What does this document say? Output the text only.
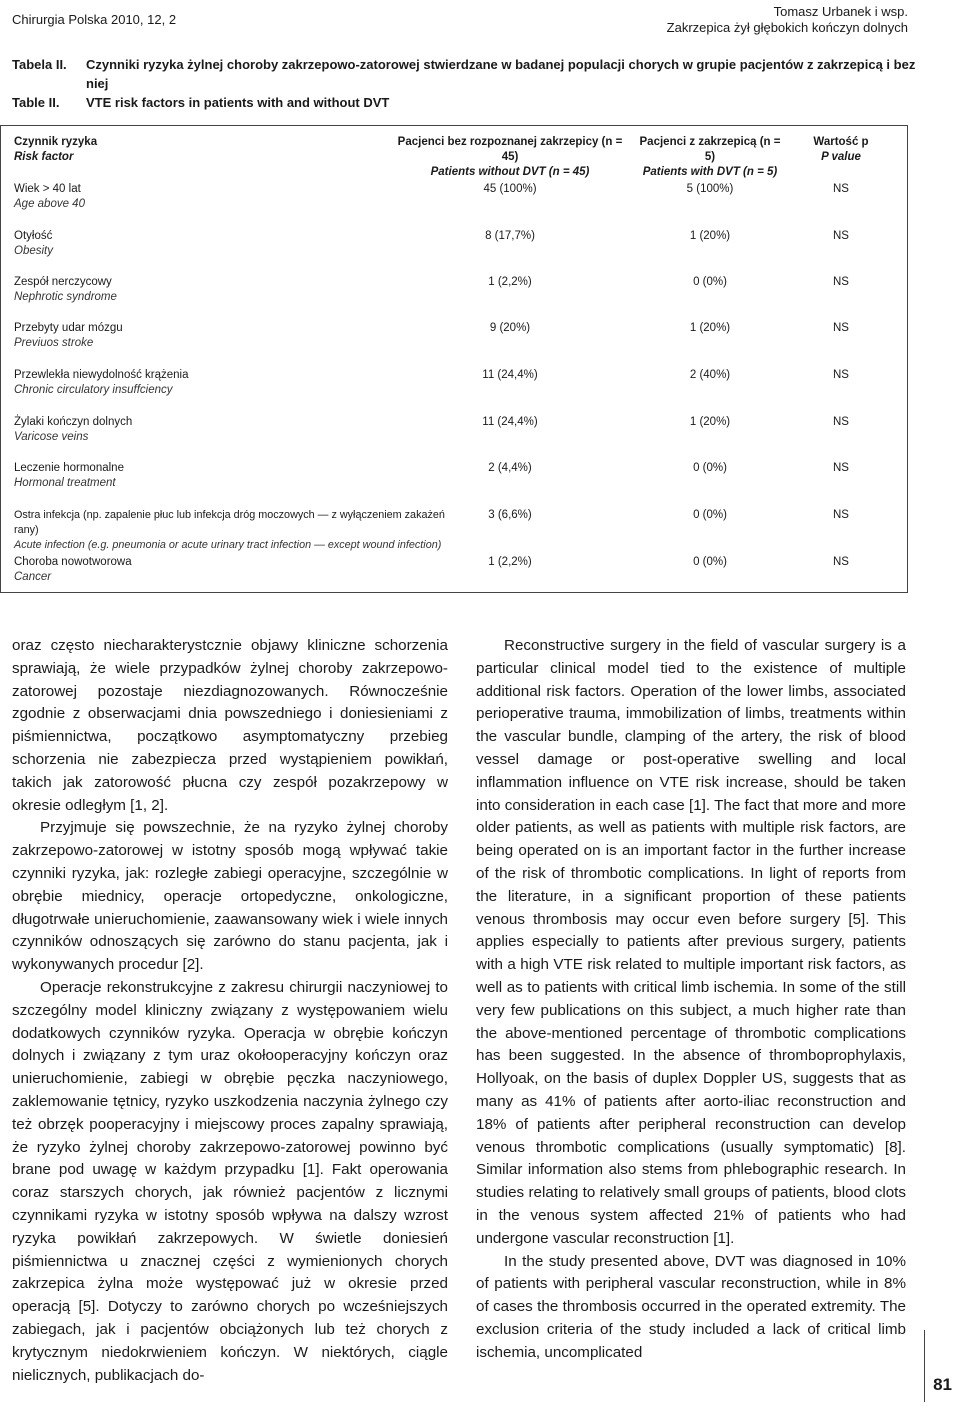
Chirurgia Polska 2010, 12, 2
Tomasz Urbanek i wsp.
Zakrzepica żył głębokich kończyn dolnych
Tabela II.	Czynniki ryzyka żylnej choroby zakrzepowo-zatorowej stwierdzane w badanej populacji chorych w grupie pacjentów z zakrzepicą i bez niej
Table II.	VTE risk factors in patients with and without DVT
Czynnik ryzyka
Risk factor
Pacjenci bez rozpoznanej zakrzepicy (n = 45)
Patients without DVT (n = 45)
Pacjenci z zakrzepicą (n = 5)
Patients with DVT (n = 5)
Wartość p
P value
Wiek > 40 lat
Age above 40
45 (100%)	5 (100%)	NS
Otyłość
Obesity
8 (17,7%)	1 (20%)	NS
Zespół nerczycowy
Nephrotic syndrome
1 (2,2%)	0 (0%)	NS
Przebyty udar mózgu
Previuos stroke
9 (20%)	1 (20%)	NS
Przewlekła niewydolność krążenia
Chronic circulatory insuffciency
11 (24,4%)	2 (40%)	NS
Żylaki kończyn dolnych
Varicose veins
11 (24,4%)	1 (20%)	NS
Leczenie hormonalne
Hormonal treatment
2 (4,4%)	0 (0%)	NS
Ostra infekcja (np. zapalenie płuc lub infekcja dróg moczowych — z wyłączeniem zakażeń rany)
Acute infection (e.g. pneumonia or acute urinary tract infection — except wound infection)
3 (6,6%)	0 (0%)	NS
Choroba nowotworowa
Cancer
1 (2,2%)	0 (0%)	NS

oraz często niecharakterystcznie objawy kliniczne schorzenia sprawiają, że wiele przypadków żylnej choroby zakrzepowo-zatorowej pozostaje niezdiagnozowanych. Równocześnie zgodnie z obserwacjami dnia powszedniego i doniesieniami z piśmiennictwa, początkowo asymptomatyczny przebieg schorzenia nie zabezpiecza przed wystąpieniem powikłań, takich jak zatorowość płucna czy zespół pozakrzepowy w okresie odległym [1, 2].

Przyjmuje się powszechnie, że na ryzyko żylnej choroby zakrzepowo-zatorowej w istotny sposób mogą wpływać takie czynniki ryzyka, jak: rozległe zabiegi operacyjne, szczególnie w obrębie miednicy, operacje ortopedyczne, onkologiczne, długotrwałe unieruchomienie, zaawansowany wiek i wiele innych czynników odnoszących się zarówno do stanu pacjenta, jak i wykonywanych procedur [2].

Operacje rekonstrukcyjne z zakresu chirurgii naczyniowej to szczególny model kliniczny związany z występowaniem wielu dodatkowych czynników ryzyka. Operacja w obrębie kończyn dolnych i związany z tym uraz okołooperacyjny kończyn oraz unieruchomienie, zabiegi w obrębie pęczka naczyniowego, zaklemowanie tętnicy, ryzyko uszkodzenia naczynia żylnego czy też obrzęk pooperacyjny i miejscowy proces zapalny sprawiają, że ryzyko żylnej choroby zakrzepowo-zatorowej powinno być brane pod uwagę w każdym przypadku [1]. Fakt operowania coraz starszych chorych, jak również pacjentów z licznymi czynnikami ryzyka w istotny sposób wpływa na dalszy wzrost ryzyka powikłań zakrzepowych. W świetle doniesień piśmiennictwa u znacznej części z wymienionych chorych zakrzepica żylna może występować już w okresie przed operacją [5]. Dotyczy to zarówno chorych po wcześniejszych zabiegach, jak i pacjentów obciążonych lub też chorych z krytycznym niedokrwieniem kończyn. W niektórych, ciągle nielicznych, publikacjach do-

Reconstructive surgery in the field of vascular surgery is a particular clinical model tied to the existence of multiple additional risk factors. Operation of the lower limbs, associated perioperative trauma, immobilization of limbs, treatments within the vascular bundle, clamping of the artery, the risk of blood vessel damage or post-operative swelling and local inflammation influence on VTE risk increase, should be taken into consideration in each case [1]. The fact that more and more older patients, as well as patients with multiple risk factors, are being operated on is an important factor in the further increase of the risk of thrombotic complications. In light of reports from the literature, in a significant proportion of these patients venous thrombosis may occur even before surgery [5]. This applies especially to patients after previous surgery, patients with a high VTE risk related to multiple important risk factors, as well as to patients with critical limb ischemia. In some of the still very few publications on this subject, a much higher rate than the above-mentioned percentage of thrombotic complications has been suggested. In the absence of thromboprophylaxis, Hollyoak, on the basis of duplex Doppler US, suggests that as many as 41% of patients after aorto-iliac reconstruction and 18% of patients after peripheral reconstruction can develop venous thrombotic complications (usually symptomatic) [8]. Similar information also stems from phlebographic research. In studies relating to relatively small groups of patients, blood clots in the venous system affected 21% of patients who had undergone vascular reconstruction [1].

In the study presented above, DVT was diagnosed in 10% of patients with peripheral vascular reconstruction, while in 8% of cases the thrombosis occurred in the operated extremity. The exclusion criteria of the study included a lack of critical limb ischemia, uncomplicated

81
